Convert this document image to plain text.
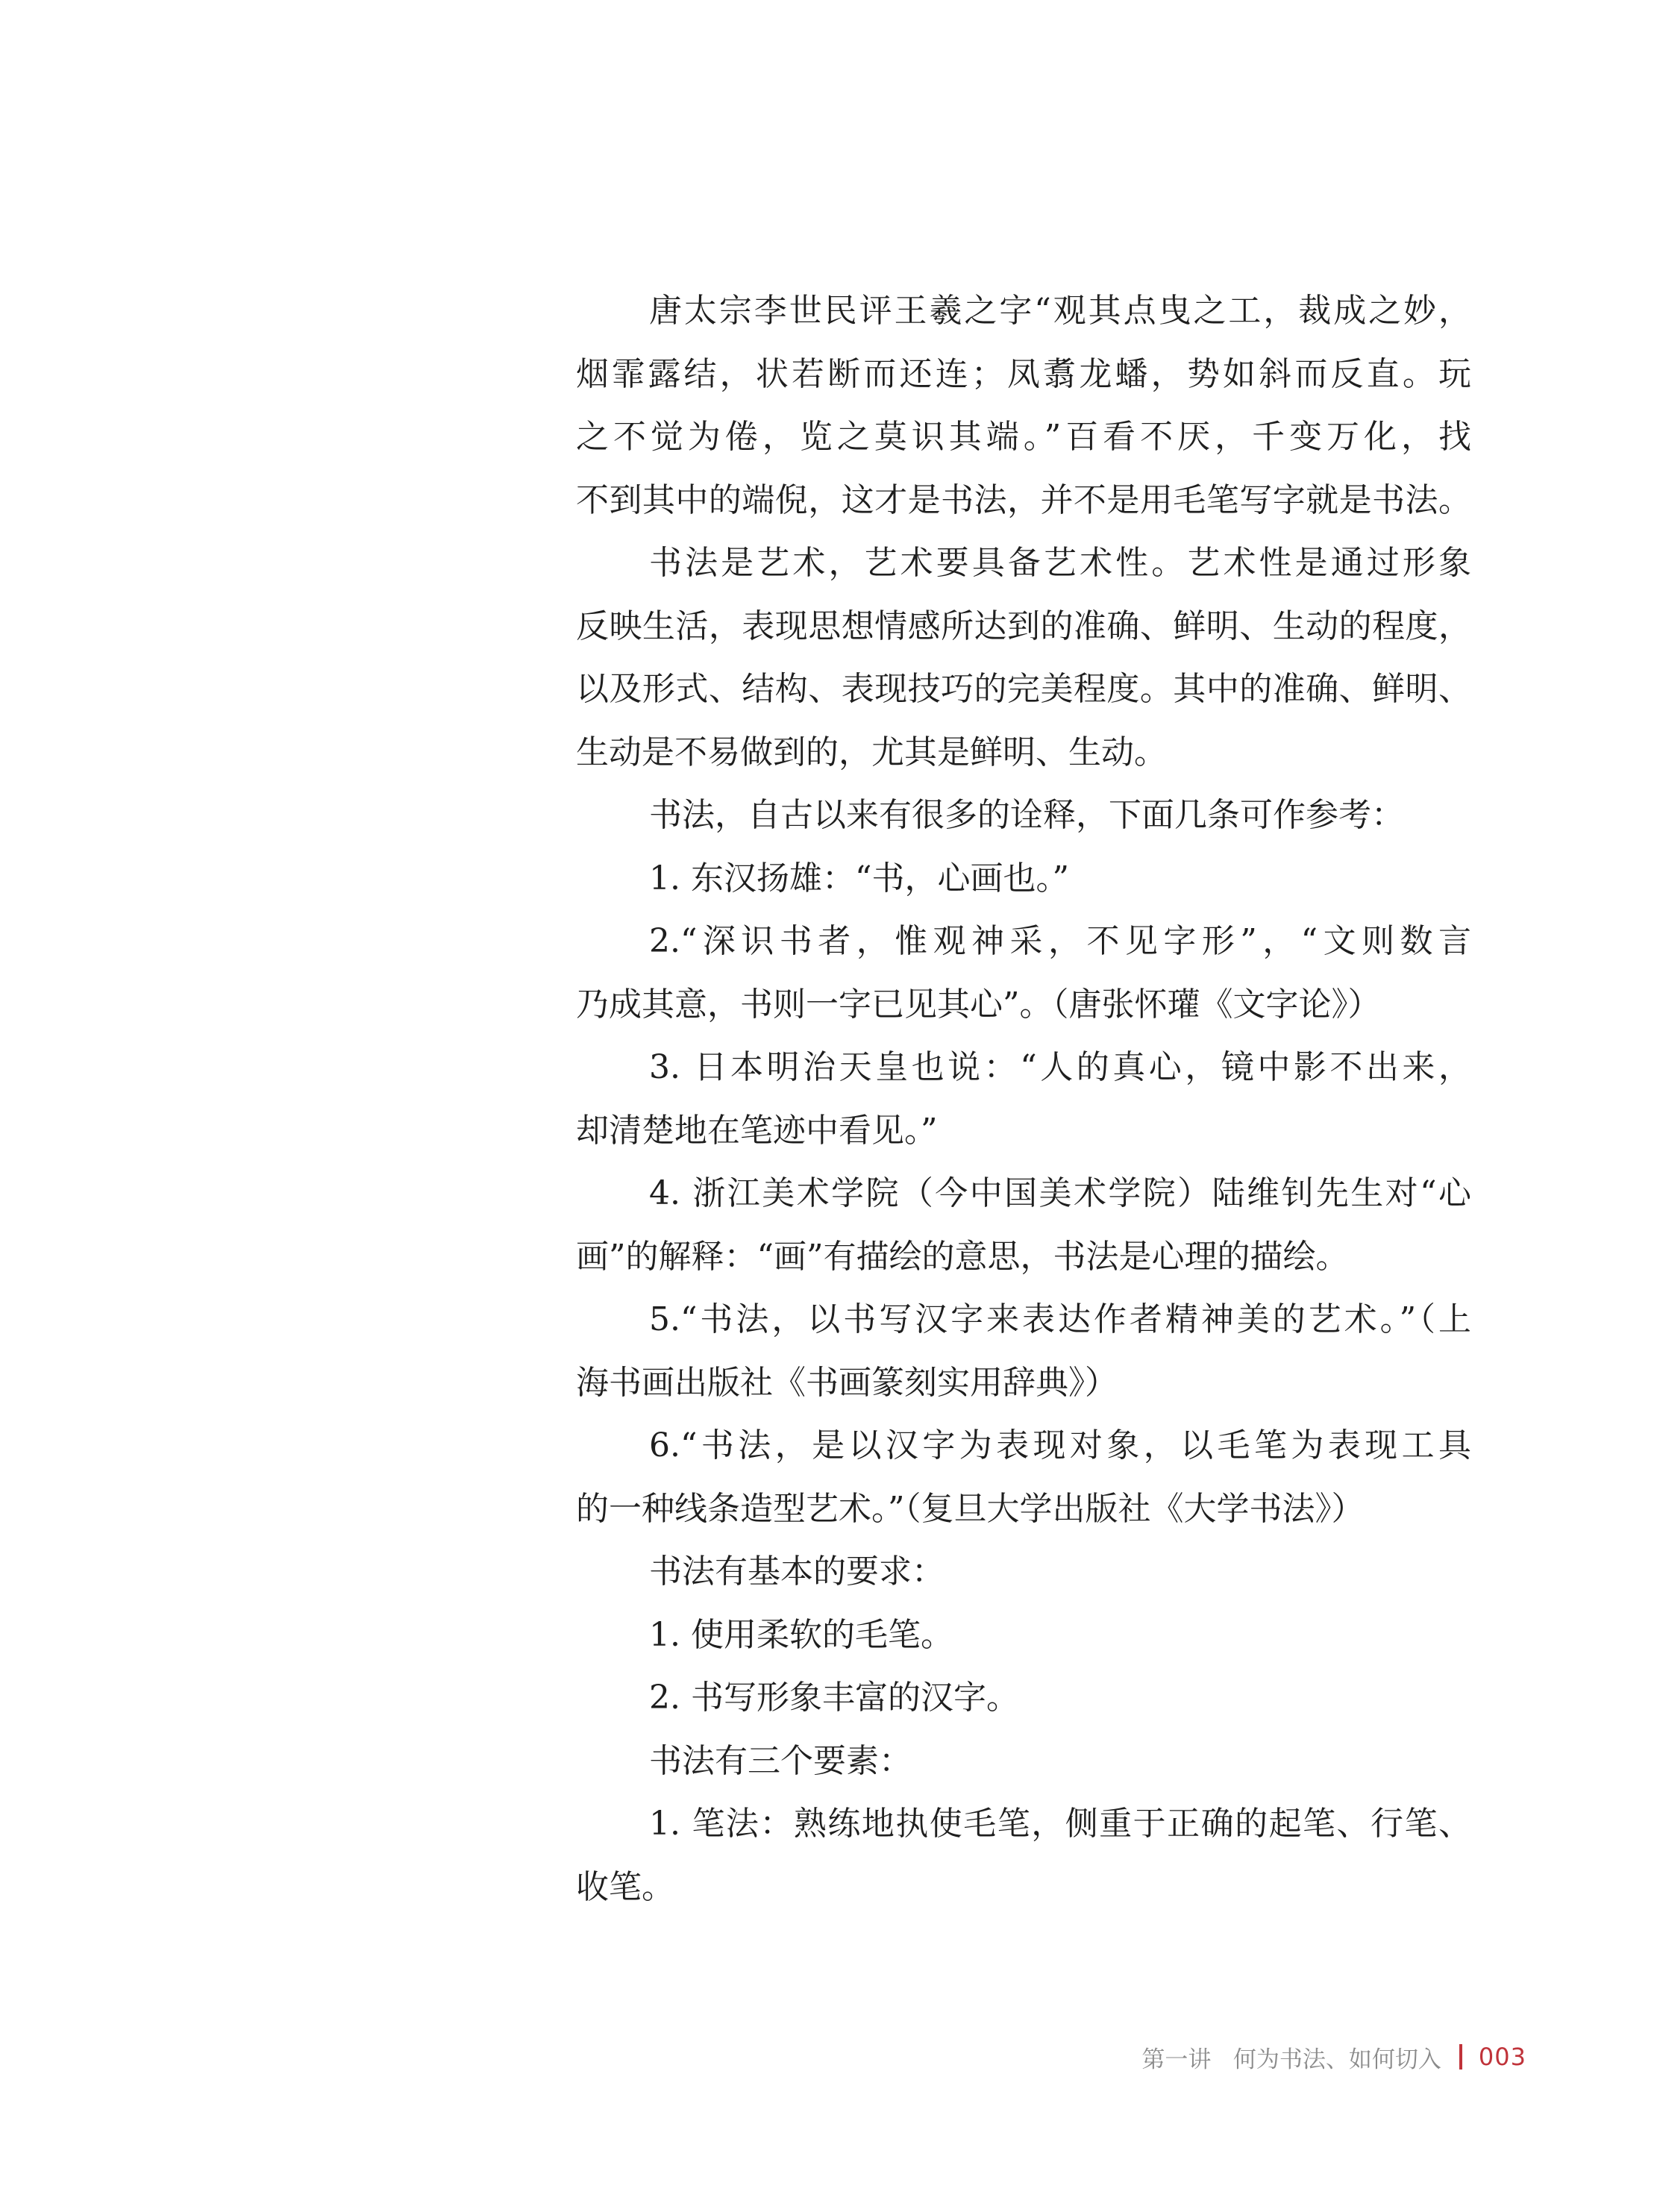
唐太宗李世民评王羲之字“观其点曳之工，裁成之妙，
烟霏露结，状若断而还连；凤翥龙蟠，势如斜而反直。玩
之不觉为倦，览之莫识其端。”百看不厌，千变万化，找
不到其中的端倪，这才是书法，并不是用毛笔写字就是书法。
书法是艺术，艺术要具备艺术性。艺术性是通过形象
反映生活，表现思想情感所达到的准确、鲜明、生动的程度，
以及形式、结构、表现技巧的完美程度。其中的准确、鲜明、
生动是不易做到的，尤其是鲜明、生动。
书法，自古以来有很多的诠释，下面几条可作参考：
1. 东汉扬雄：“书，心画也。”
2.“深识书者，惟观神采，不见字形”，“文则数言
乃成其意，书则一字已见其心”。（唐张怀瓘《文字论》）
3. 日本明治天皇也说：“人的真心，镜中影不出来，
却清楚地在笔迹中看见。”
4. 浙江美术学院（今中国美术学院）陆维钊先生对“心
画”的解释：“画”有描绘的意思，书法是心理的描绘。
5.“书法，以书写汉字来表达作者精神美的艺术。”（上
海书画出版社《书画篆刻实用辞典》）
6.“书法，是以汉字为表现对象，以毛笔为表现工具
的一种线条造型艺术。”（复旦大学出版社《大学书法》）
书法有基本的要求：
1. 使用柔软的毛笔。
2. 书写形象丰富的汉字。
书法有三个要素：
1. 笔法：熟练地执使毛笔，侧重于正确的起笔、行笔、
收笔。
第一讲   何为书法、如何切入 003
